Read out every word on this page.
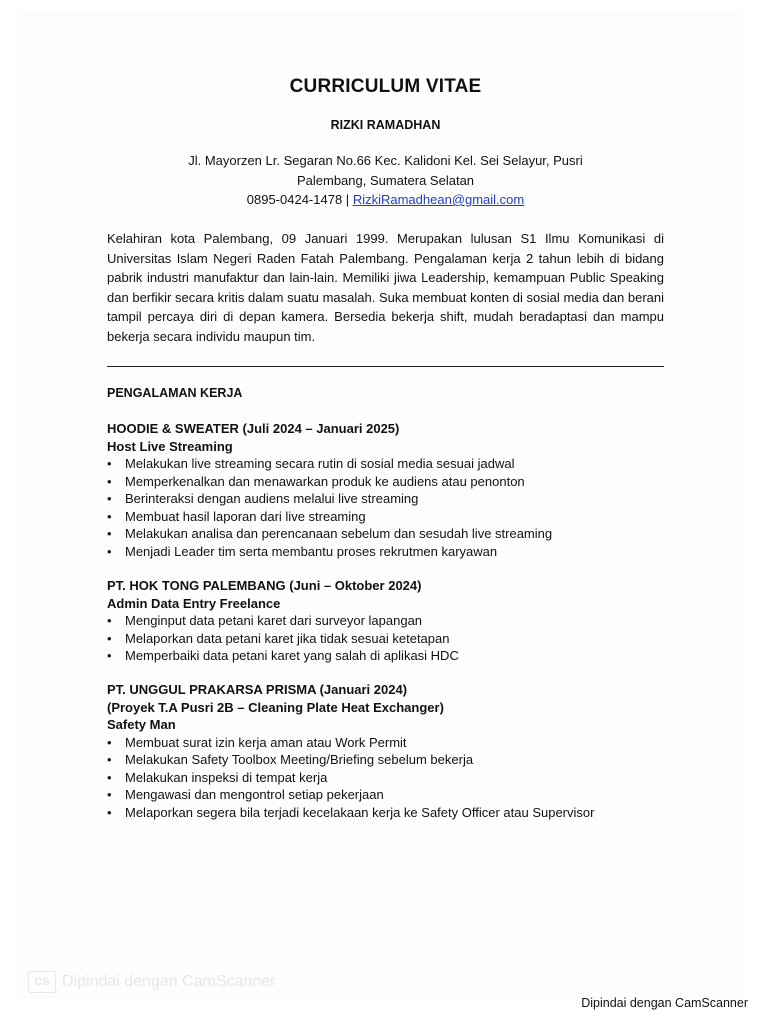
CURRICULUM VITAE
RIZKI RAMADHAN
Jl. Mayorzen Lr. Segaran No.66 Kec. Kalidoni Kel. Sei Selayur, Pusri
Palembang, Sumatera Selatan
0895-0424-1478 | RizkiRamadhean@gmail.com
Kelahiran kota Palembang, 09 Januari 1999. Merupakan lulusan S1 Ilmu Komunikasi di Universitas Islam Negeri Raden Fatah Palembang. Pengalaman kerja 2 tahun lebih di bidang pabrik industri manufaktur dan lain-lain. Memiliki jiwa Leadership, kemampuan Public Speaking dan berfikir secara kritis dalam suatu masalah. Suka membuat konten di sosial media dan berani tampil percaya diri di depan kamera. Bersedia bekerja shift, mudah beradaptasi dan mampu bekerja secara individu maupun tim.
PENGALAMAN KERJA
HOODIE & SWEATER (Juli 2024 – Januari 2025)
Host Live Streaming
•	Melakukan live streaming secara rutin di sosial media sesuai jadwal
•	Memperkenalkan dan menawarkan produk ke audiens atau penonton
•	Berinteraksi dengan audiens melalui live streaming
•	Membuat hasil laporan dari live streaming
•	Melakukan analisa dan perencanaan sebelum dan sesudah live streaming
•	Menjadi Leader tim serta membantu proses rekrutmen karyawan
PT. HOK TONG PALEMBANG (Juni – Oktober 2024)
Admin Data Entry Freelance
•	Menginput data petani karet dari surveyor lapangan
•	Melaporkan data petani karet jika tidak sesuai ketetapan
•	Memperbaiki data petani karet yang salah di aplikasi HDC
PT. UNGGUL PRAKARSA PRISMA (Januari 2024)
(Proyek T.A Pusri 2B – Cleaning Plate Heat Exchanger)
Safety Man
•	Membuat surat izin kerja aman atau Work Permit
•	Melakukan Safety Toolbox Meeting/Briefing sebelum bekerja
•	Melakukan inspeksi di tempat kerja
•	Mengawasi dan mengontrol setiap pekerjaan
•	Melaporkan segera bila terjadi kecelakaan kerja ke Safety Officer atau Supervisor
CS Dipindai dengan CamScanner
Dipindai dengan CamScanner
